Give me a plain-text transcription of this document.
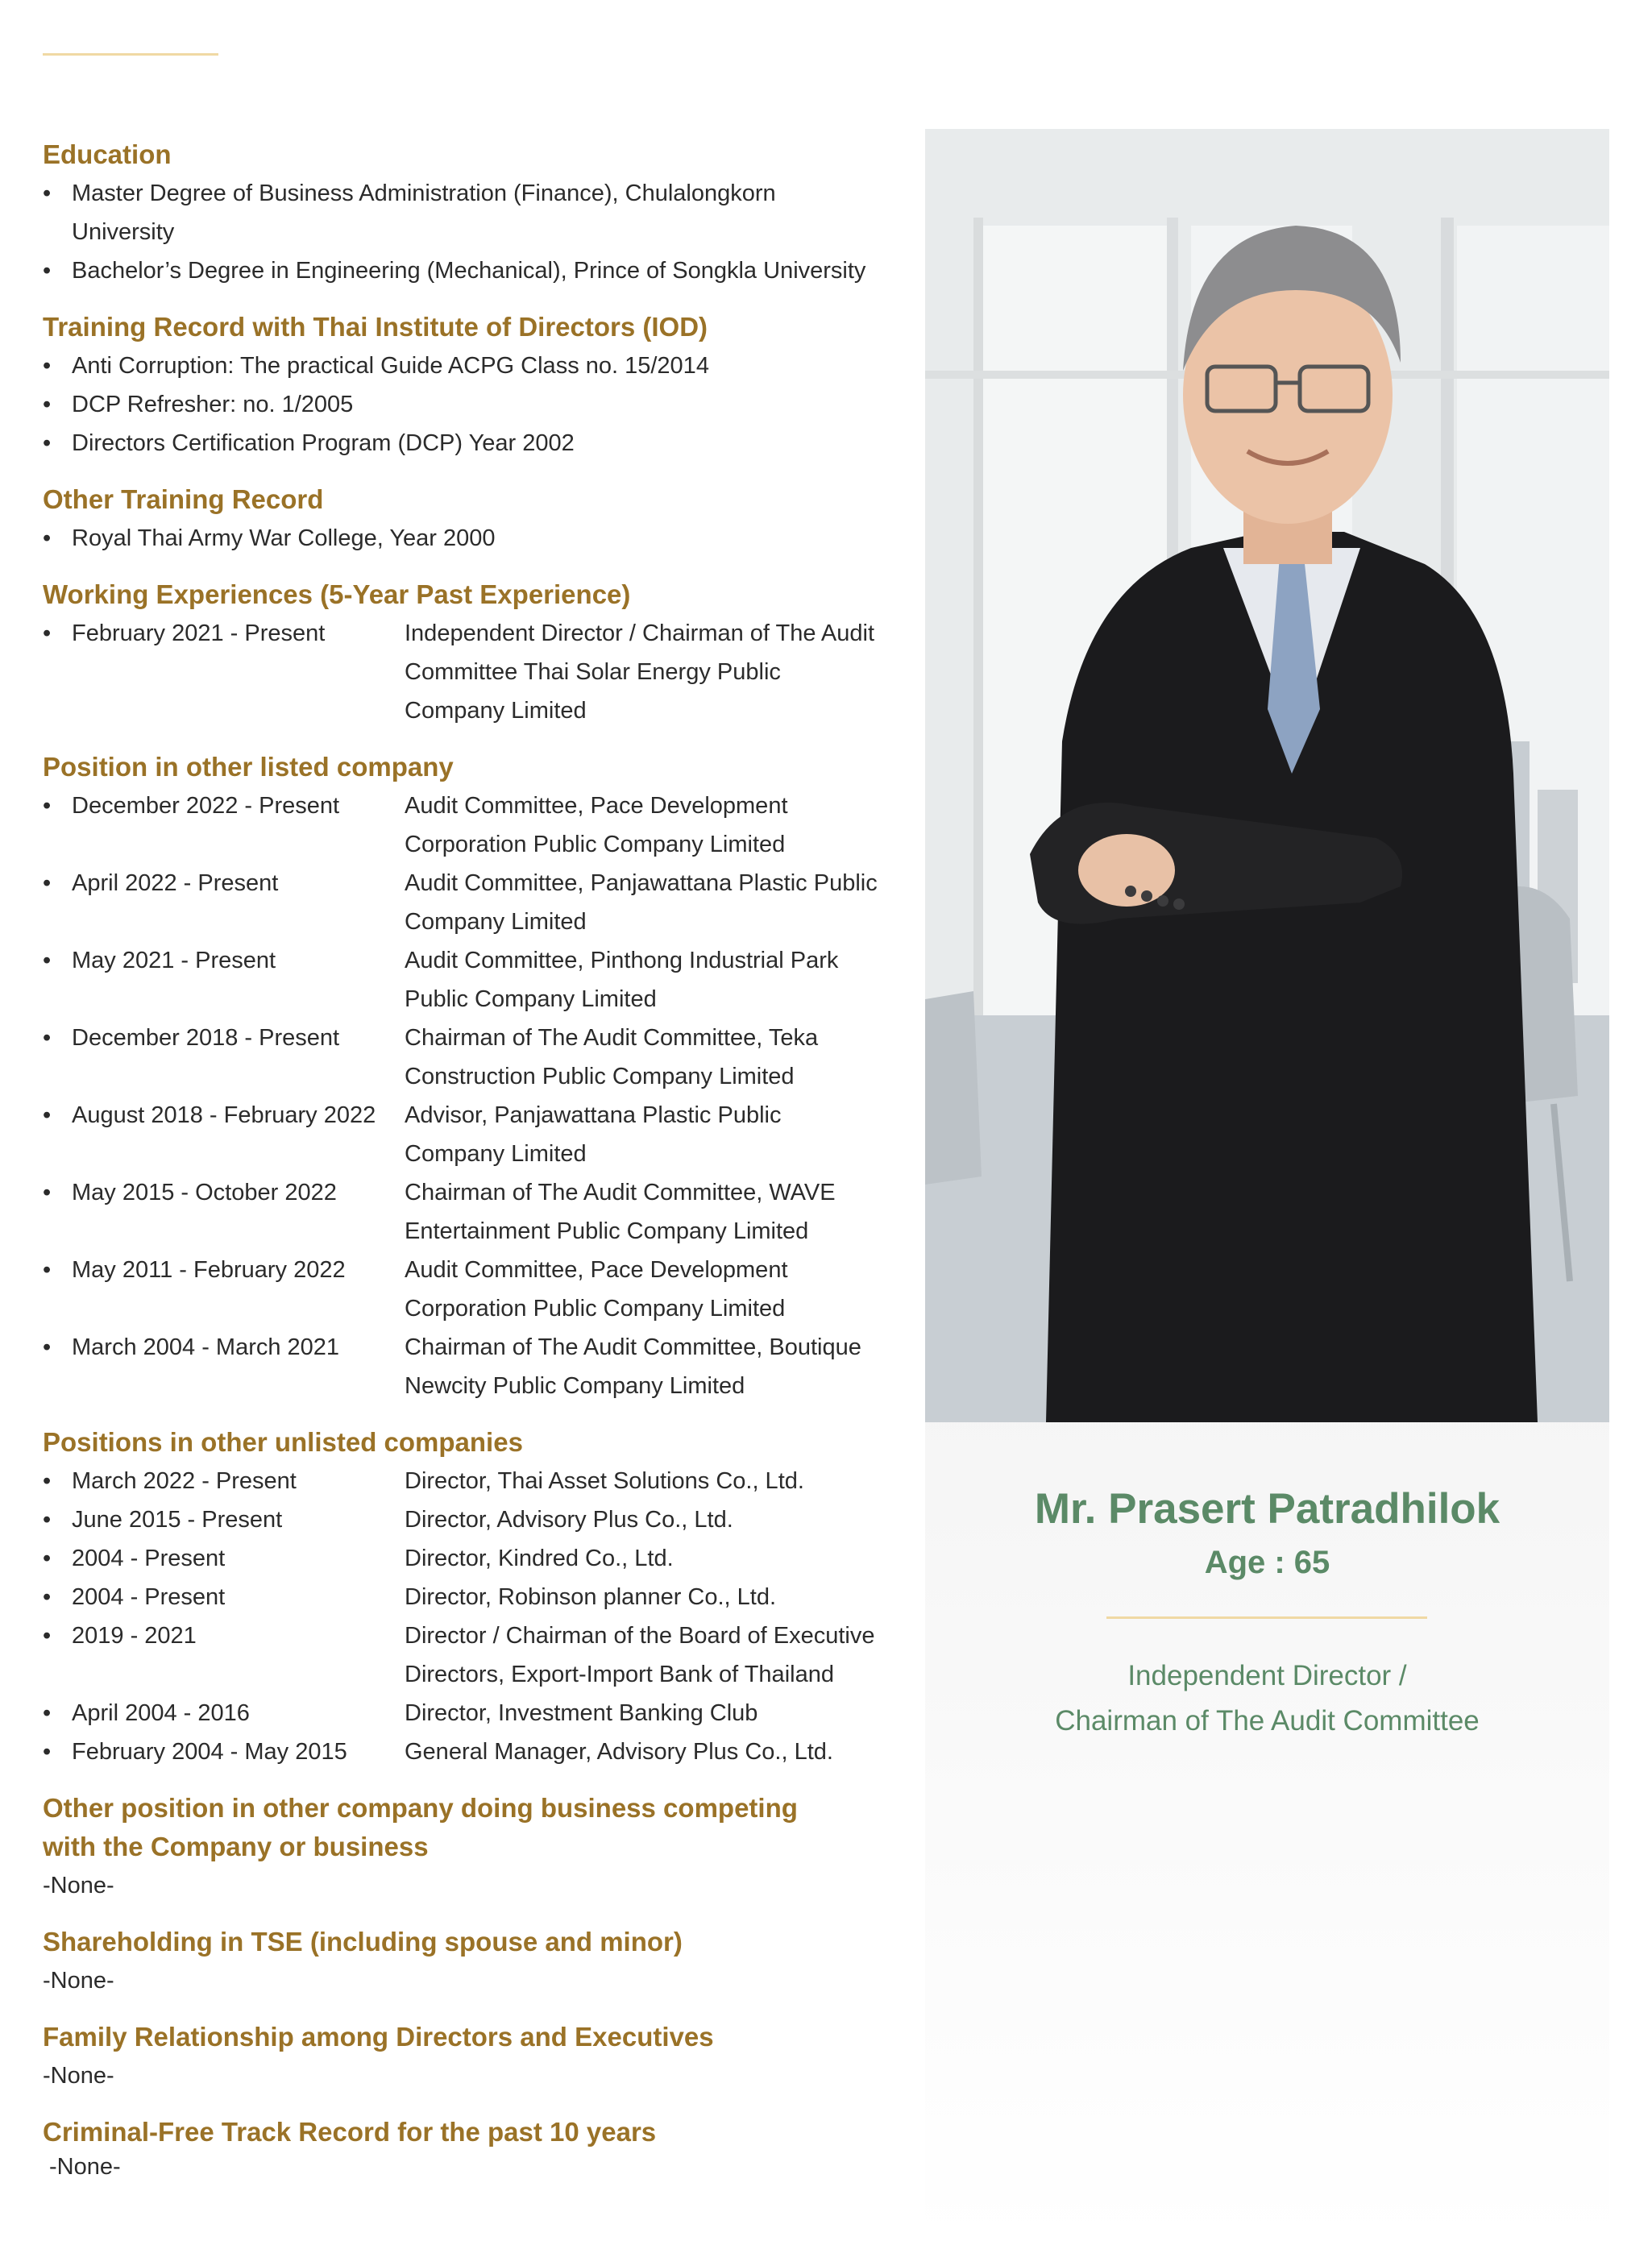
Education
• Master Degree of Business Administration (Finance), Chulalongkorn University
• Bachelor’s Degree in Engineering (Mechanical), Prince of Songkla University
Training Record with Thai Institute of Directors (IOD)
• Anti Corruption: The practical Guide ACPG Class no. 15/2014
• DCP Refresher: no. 1/2005
• Directors Certification Program (DCP) Year 2002
Other Training Record
• Royal Thai Army War College, Year 2000
Working Experiences (5-Year Past Experience)
• February 2021 - Present	Independent Director / Chairman of The Audit Committee Thai Solar Energy Public Company Limited
Position in other listed company
• December 2022 - Present	Audit Committee, Pace Development Corporation Public Company Limited
• April 2022 - Present	Audit Committee, Panjawattana Plastic Public Company Limited
• May 2021 - Present	Audit Committee, Pinthong Industrial Park Public Company Limited
• December 2018 - Present	Chairman of The Audit Committee, Teka Construction Public Company Limited
• August 2018 - February 2022	Advisor, Panjawattana Plastic Public Company Limited
• May 2015 - October 2022	Chairman of The Audit Committee, WAVE Entertainment Public Company Limited
• May 2011 - February 2022	Audit Committee, Pace Development Corporation Public Company Limited
• March 2004 - March 2021	Chairman of The Audit Committee, Boutique Newcity Public Company Limited
Positions in other unlisted companies
• March 2022 - Present	Director, Thai Asset Solutions Co., Ltd.
• June 2015 - Present	Director, Advisory Plus Co., Ltd.
• 2004 - Present	Director, Kindred Co., Ltd.
• 2004 - Present	Director, Robinson planner Co., Ltd.
• 2019 - 2021	Director / Chairman of the Board of Executive Directors, Export-Import Bank of Thailand
• April 2004 - 2016	Director, Investment Banking Club
• February 2004 - May 2015	General Manager, Advisory Plus Co., Ltd.
Other position in other company doing business competing with the Company or business
-None-
Shareholding in TSE (including spouse and minor)
-None-
Family Relationship among Directors and Executives
-None-
Criminal-Free Track Record for the past 10 years
-None-
Mr. Prasert Patradhilok
Age : 65
Independent Director /
Chairman of The Audit Committee
